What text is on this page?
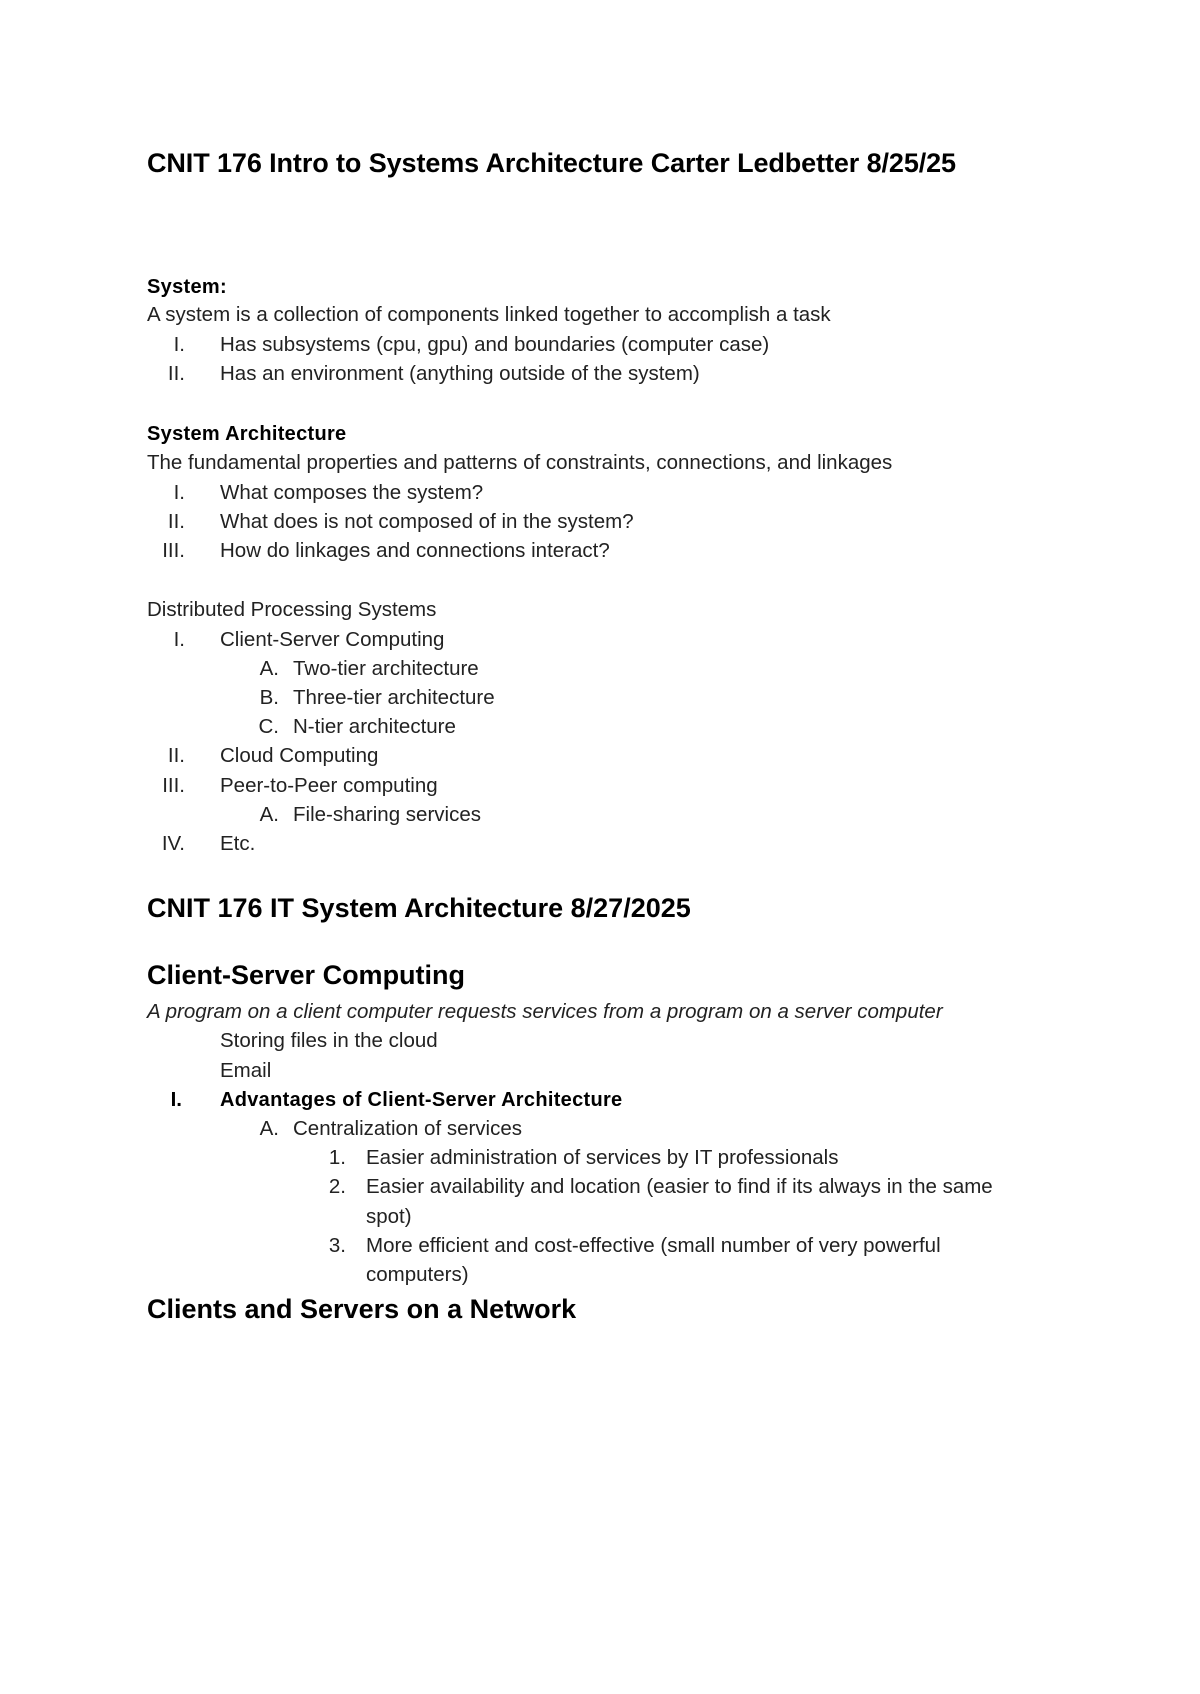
CNIT 176 Intro to Systems Architecture Carter Ledbetter 8/25/25
System:
A system is a collection of components linked together to accomplish a task
I. Has subsystems (cpu, gpu) and boundaries (computer case)
II. Has an environment (anything outside of the system)
System Architecture
The fundamental properties and patterns of constraints, connections, and linkages
I. What composes the system?
II. What does is not composed of in the system?
III. How do linkages and connections interact?
Distributed Processing Systems
I. Client-Server Computing
A. Two-tier architecture
B. Three-tier architecture
C. N-tier architecture
II. Cloud Computing
III. Peer-to-Peer computing
A. File-sharing services
IV. Etc.
CNIT 176 IT System Architecture 8/27/2025
Client-Server Computing
A program on a client computer requests services from a program on a server computer
Storing files in the cloud
Email
I. Advantages of Client-Server Architecture
A. Centralization of services
1. Easier administration of services by IT professionals
2. Easier availability and location (easier to find if its always in the same
spot)
3. More efficient and cost-effective (small number of very powerful
computers)
Clients and Servers on a Network
